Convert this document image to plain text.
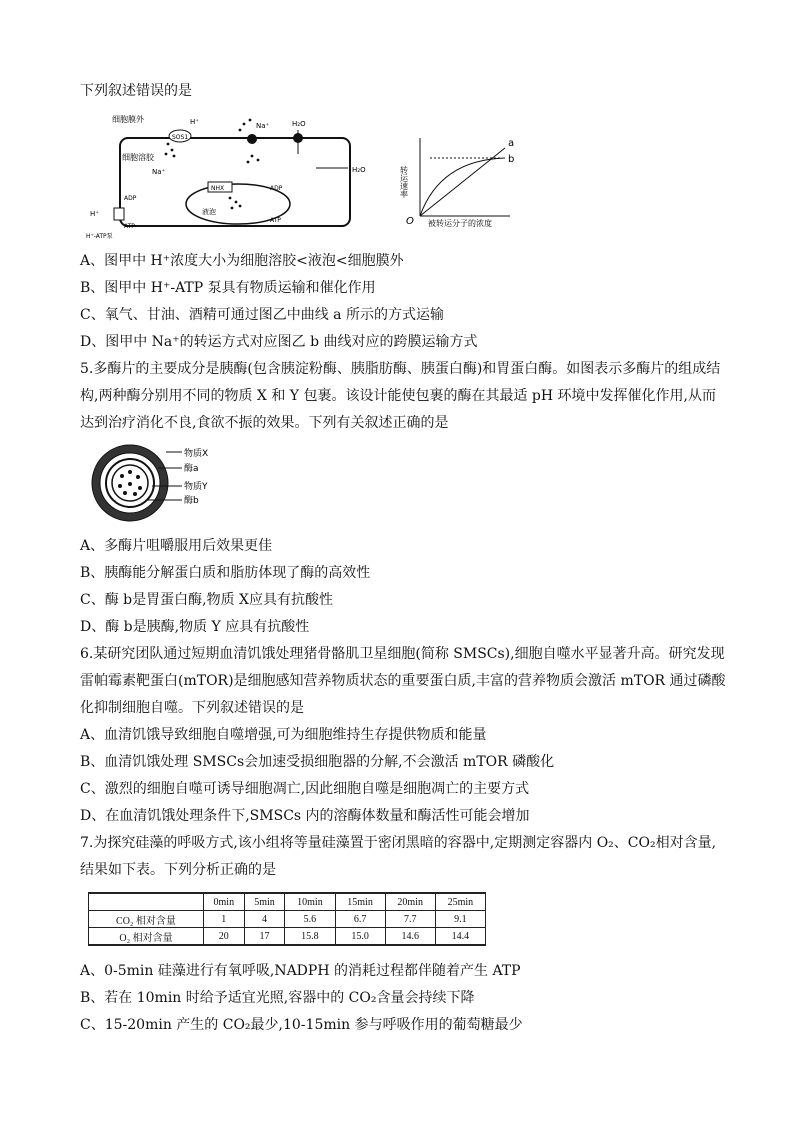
下列叙述错误的是
细胞膜外
细胞溶胶
SOS1
H⁺
Na⁺
Na⁺	H₂O
H₂O
NHX
液泡
ADP
ATP
ADP
ATP
H⁺
H⁺-ATP泵
a
b
O 被转运分子的浓度
转运速率
A、图甲中 H⁺浓度大小为细胞溶胶<液泡<细胞膜外
B、图甲中 H⁺-ATP 泵具有物质运输和催化作用
C、氧气、甘油、酒精可通过图乙中曲线 a 所示的方式运输
D、图甲中 Na⁺的转运方式对应图乙 b 曲线对应的跨膜运输方式
5.多酶片的主要成分是胰酶(包含胰淀粉酶、胰脂肪酶、胰蛋白酶)和胃蛋白酶。如图表示多酶片的组成结
构,两种酶分别用不同的物质 X 和 Y 包裹。该设计能使包裹的酶在其最适 pH 环境中发挥催化作用,从而
达到治疗消化不良,食欲不振的效果。下列有关叙述正确的是
物质X
酶a
物质Y
酶b
A、多酶片咀嚼服用后效果更佳
B、胰酶能分解蛋白质和脂肪体现了酶的高效性
C、酶 b是胃蛋白酶,物质 X应具有抗酸性
D、酶 b是胰酶,物质 Y 应具有抗酸性
6.某研究团队通过短期血清饥饿处理猪骨骼肌卫星细胞(简称 SMSCs),细胞自噬水平显著升高。研究发现
雷帕霉素靶蛋白(mTOR)是细胞感知营养物质状态的重要蛋白质,丰富的营养物质会激活 mTOR 通过磷酸
化抑制细胞自噬。下列叙述错误的是
A、血清饥饿导致细胞自噬增强,可为细胞维持生存提供物质和能量
B、血清饥饿处理 SMSCs会加速受损细胞器的分解,不会激活 mTOR 磷酸化
C、激烈的细胞自噬可诱导细胞凋亡,因此细胞自噬是细胞凋亡的主要方式
D、在血清饥饿处理条件下,SMSCs 内的溶酶体数量和酶活性可能会增加
7.为探究硅藻的呼吸方式,该小组将等量硅藻置于密闭黑暗的容器中,定期测定容器内 O₂、CO₂相对含量,
结果如下表。下列分析正确的是
	0min	5min	10min	15min	20min	25min
CO₂ 相对含量	1	4	5.6	6.7	7.7	9.1
O₂ 相对含量	20	17	15.8	15.0	14.6	14.4
A、0-5min 硅藻进行有氧呼吸,NADPH 的消耗过程都伴随着产生 ATP
B、若在 10min 时给予适宜光照,容器中的 CO₂含量会持续下降
C、15-20min 产生的 CO₂最少,10-15min 参与呼吸作用的葡萄糖最少
